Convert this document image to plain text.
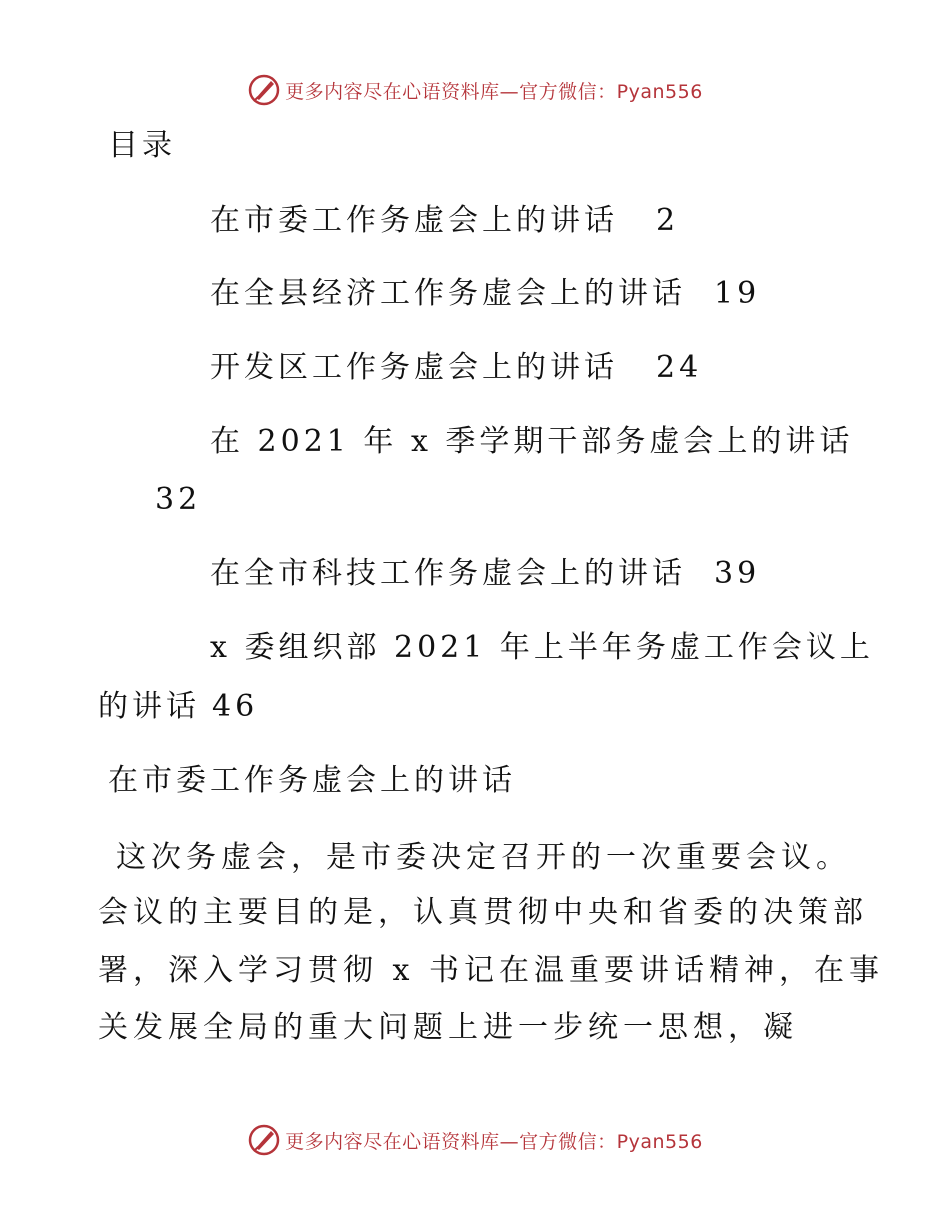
更多内容尽在心语资料库—官方微信：Pyan556
目录
在市委工作务虚会上的讲话 2
在全县经济工作务虚会上的讲话 19
开发区工作务虚会上的讲话 24
在 2021 年 x 季学期干部务虚会上的讲话
32
在全市科技工作务虚会上的讲话 39
x 委组织部 2021 年上半年务虚工作会议上
的讲话 46
在市委工作务虚会上的讲话
这次务虚会，是市委决定召开的一次重要会议。
会议的主要目的是，认真贯彻中央和省委的决策部
署，深入学习贯彻 x 书记在温重要讲话精神，在事
关发展全局的重大问题上进一步统一思想，凝
更多内容尽在心语资料库—官方微信：Pyan556
